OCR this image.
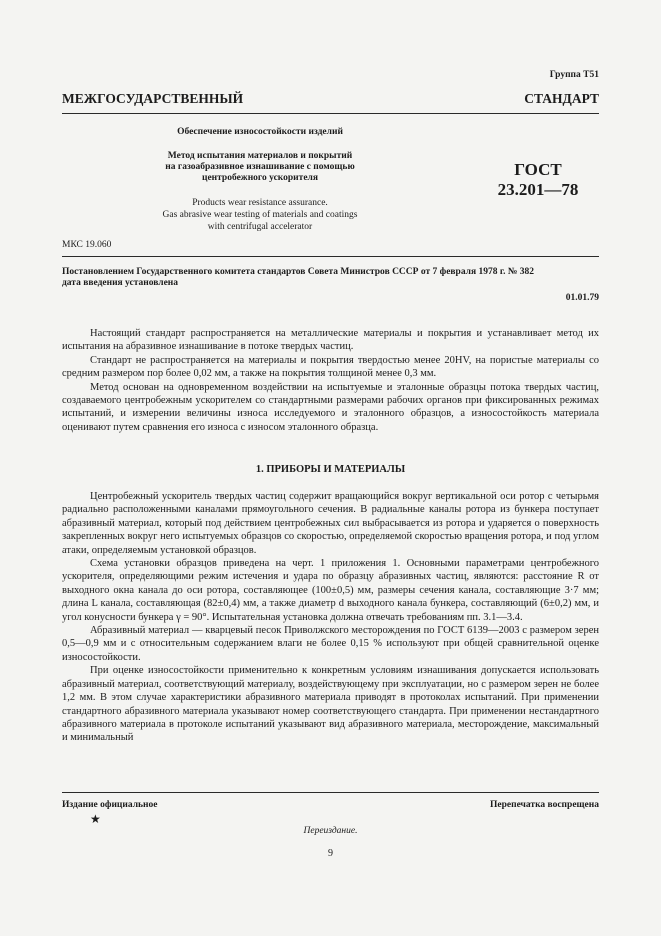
Группа Т51
МЕЖГОСУДАРСТВЕННЫЙ СТАНДАРТ
Обеспечение износостойкости изделий
Метод испытания материалов и покрытий
на газоабразивное изнашивание с помощью
центробежного ускорителя
Products wear resistance assurance.
Gas abrasive wear testing of materials and coatings
with centrifugal accelerator
ГОСТ
23.201—78
МКС 19.060
Постановлением Государственного комитета стандартов Совета Министров СССР от 7 февраля 1978 г. № 382
дата введения установлена
01.01.79

Настоящий стандарт распространяется на металлические материалы и покрытия и устанавливает метод их испытания на абразивное изнашивание в потоке твердых частиц.

Стандарт не распространяется на материалы и покрытия твердостью менее 20HV, на пористые материалы со средним размером пор более 0,02 мм, а также на покрытия толщиной менее 0,3 мм.

Метод основан на одновременном воздействии на испытуемые и эталонные образцы потока твердых частиц, создаваемого центробежным ускорителем со стандартными размерами рабочих органов при фиксированных режимах испытаний, и измерении величины износа исследуемого и эталонного образцов, а износостойкость материала оценивают путем сравнения его износа с износом эталонного образца.

1. ПРИБОРЫ И МАТЕРИАЛЫ

Центробежный ускоритель твердых частиц содержит вращающийся вокруг вертикальной оси ротор с четырьмя радиально расположенными каналами прямоугольного сечения. В радиальные каналы ротора из бункера поступает абразивный материал, который под действием центробежных сил выбрасывается из ротора и ударяется о поверхность закрепленных вокруг него испытуемых образцов со скоростью, определяемой скоростью вращения ротора, и под углом атаки, определяемым установкой образцов.

Схема установки образцов приведена на черт. 1 приложения 1. Основными параметрами центробежного ускорителя, определяющими режим истечения и удара по образцу абразивных частиц, являются: расстояние R от выходного окна канала до оси ротора, составляющее (100±0,5) мм, размеры сечения канала, составляющие 3·7 мм; длина L канала, составляющая (82±0,4) мм, а также диаметр d выходного канала бункера, составляющий (6±0,2) мм, и угол конусности бункера γ = 90°. Испытательная установка должна отвечать требованиям пп. 3.1—3.4.

Абразивный материал — кварцевый песок Приволжского месторождения по ГОСТ 6139—2003 с размером зерен 0,5—0,9 мм и с относительным содержанием влаги не более 0,15 % используют при общей сравнительной оценке износостойкости.

При оценке износостойкости применительно к конкретным условиям изнашивания допускается использовать абразивный материал, соответствующий материалу, воздействующему при эксплуатации, но с размером зерен не более 1,2 мм. В этом случае характеристики абразивного материала приводят в протоколах испытаний. При применении стандартного абразивного материала указывают номер соответствующего стандарта. При применении нестандартного абразивного материала в протоколе испытаний указывают вид абразивного материала, месторождение, максимальный и минимальный

Издание официальное	Перепечатка воспрещена
★
Переиздание.
9
